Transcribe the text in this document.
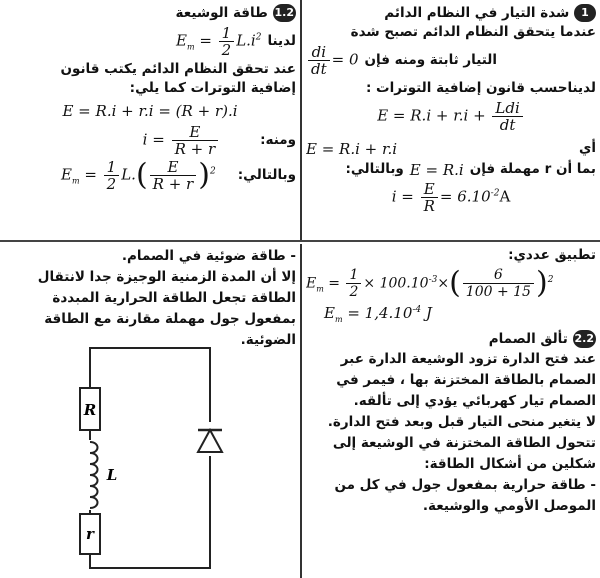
1 شدة التيار في النظام الدائم

عندما يتحقق النظام الدائم تصبح شدة

التيار ثابتة ومنه فإن
$\frac{di}{dt} = 0$

لديناحسب قانون إضافية التوترات :

$E = R.i + r.i + \frac{\text{Ldi}}{dt}$
أي
E = R.i + r.i
بما أن r مهملة فإن
E = R.i
وبالتالي:
$i = \frac{E}{R} = 6.10^{-2}A$

1.2 طاقة الوشيعة

لدينا
$E_m = \frac{1}{2} L.i^2$

عند تحقق النظام الدائم يكتب قانون

إضافية التوترات كما يلي:

E = R.i + r.i = (R + r).i
ومنه:
$i = \frac{E}{R + r}$
وبالتالي:
$E_m = \frac{1}{2} L.( \frac{E}{R + r} )^2$

تطبيق عددي:

$E_m = \frac{1}{2} \times 100.10^{-3}\times( \frac{6}{100 + 15} )^2$
$E_m = 1,4.10^{-4}$ J

2.2 تألق الصمام

عند فتح الدارة تزود الوشيعة الدارة عبر

الصمام بالطاقة المختزنة بها ، فيمر في

الصمام تيار كهربائي يؤدي إلى تألقه.

لا يتغير منحى التيار قبل وبعد فتح الدارة.

تتحول الطاقة المختزنة في الوشيعة إلى

شكلين من أشكال الطاقة:

- طاقة حرارية بمفعول جول في كل من

الموصل الأومي والوشيعة.

- طاقة ضوئية في الصمام.

إلا أن المدة الزمنية الوجيزة جدا لانتقال

الطاقة تجعل الطاقة الحرارية المبددة

بمفعول جول مهملة مقارنة مع الطاقة

الضوئية.

R
L
r
